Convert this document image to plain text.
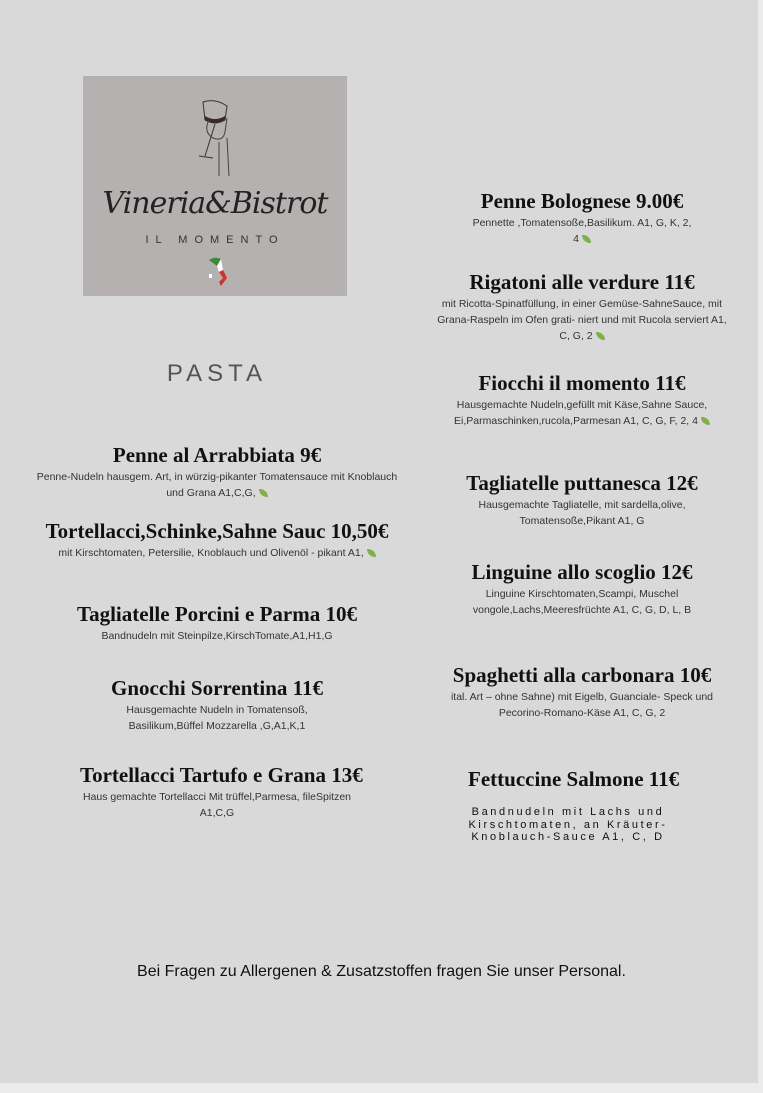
Vineria&Bistrot
IL MOMENTO
PASTA
Penne al Arrabbiata 9€
Penne-Nudeln hausgem. Art, in würzig-pikanter Tomatensauce mit Knoblauch und Grana A1,C,G,
Tortellacci,Schinke,Sahne Sauc 10,50€
mit Kirschtomaten, Petersilie, Knoblauch und Olivenöl - pikant A1,
Tagliatelle Porcini e Parma 10€
Bandnudeln mit Steinpilze,KirschTomate,A1,H1,G
Gnocchi Sorrentina 11€
Hausgemachte Nudeln in Tomatensoß, Basilikum,Büffel Mozzarella ,G,A1,K,1
Tortellacci Tartufo e Grana 13€
Haus gemachte Tortellacci Mit trüffel,Parmesa, fileSpitzen A1,C,G
Penne Bolognese 9.00€
Pennette ,Tomatensoße,Basilikum. A1, G, K, 2, 4
Rigatoni alle verdure 11€
mit Ricotta-Spinatfüllung, in einer Gemüse-SahneSauce, mit Grana-Raspeln im Ofen grati- niert und mit Rucola serviert A1, C, G, 2
Fiocchi il momento 11€
Hausgemachte Nudeln,gefüllt mit Käse,Sahne Sauce, Ei,Parmaschinken,rucola,Parmesan A1, C, G, F, 2, 4
Tagliatelle puttanesca 12€
Hausgemachte Tagliatelle, mit sardella,olive, Tomatensoße,Pikant A1, G
Linguine allo scoglio 12€
Linguine Kirschtomaten,Scampi, Muschel vongole,Lachs,Meeresfrüchte A1, C, G, D, L, B
Spaghetti alla carbonara 10€
ital. Art – ohne Sahne) mit Eigelb, Guanciale- Speck und Pecorino-Romano-Käse A1, C, G, 2
Fettuccine Salmone 11€
Bandnudeln mit Lachs und Kirschtomaten, an Kräuter-Knoblauch-Sauce A1, C, D
Bei Fragen zu Allergenen & Zusatzstoffen fragen Sie unser Personal.
